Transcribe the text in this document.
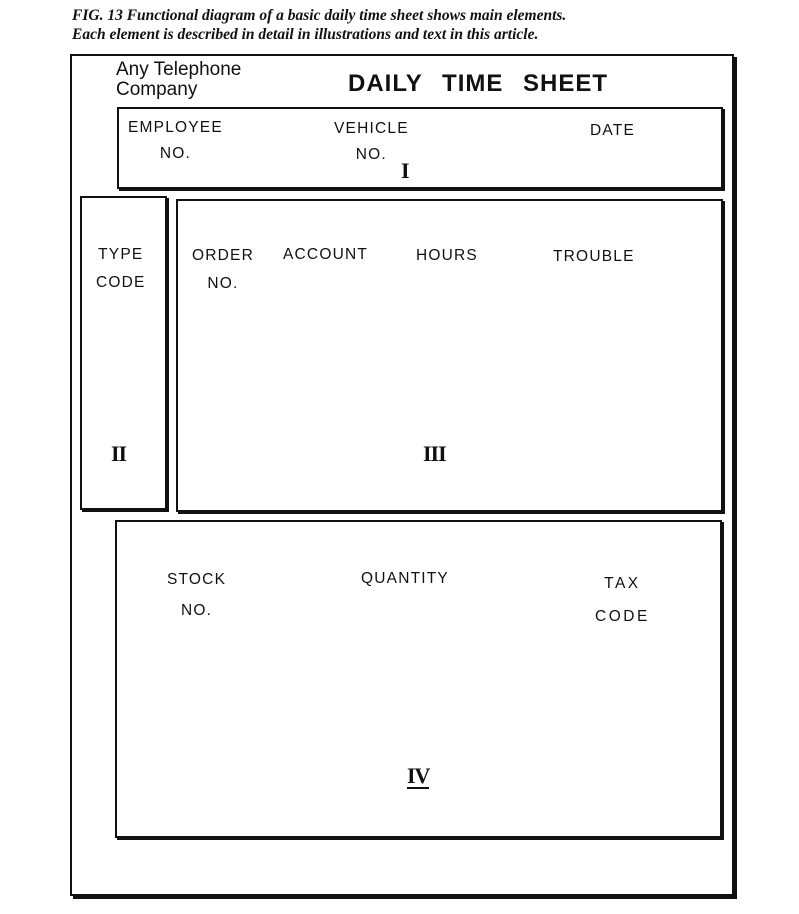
FIG. 13 Functional diagram of a basic daily time sheet shows main elements.
Each element is described in detail in illustrations and text in this article.
Any Telephone
Company	DAILY TIME SHEET
EMPLOYEE
NO.
VEHICLE
NO.
DATE
I
TYPE
CODE
II
ORDER
NO.
ACCOUNT	HOURS	TROUBLE
III
STOCK
NO.
QUANTITY	TAX
CODE
IV
